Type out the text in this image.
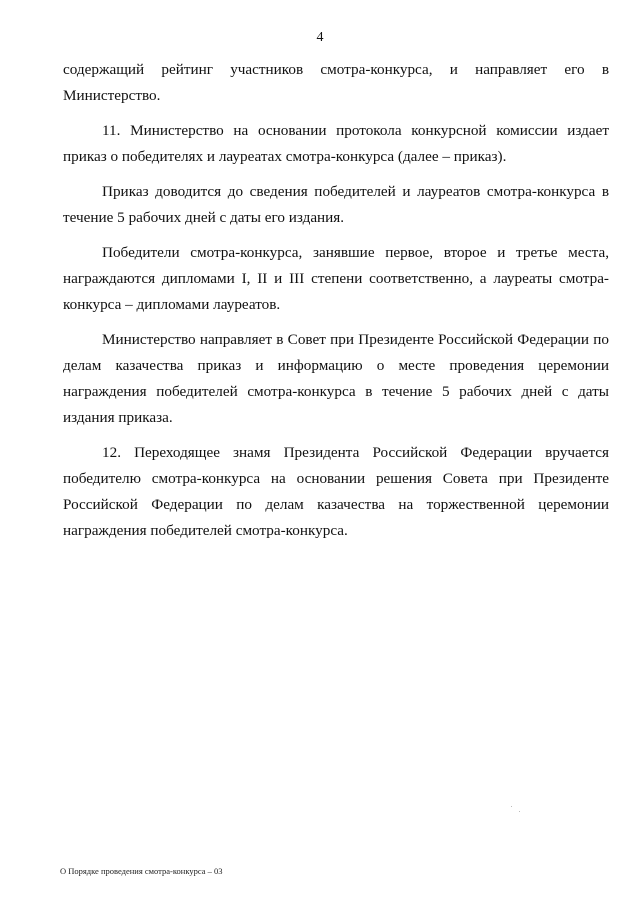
4

содержащий рейтинг участников смотра-конкурса, и направляет его в Министерство.

11. Министерство на основании протокола конкурсной комиссии издает приказ о победителях и лауреатах смотра-конкурса (далее – приказ).

Приказ доводится до сведения победителей и лауреатов смотра-конкурса в течение 5 рабочих дней с даты его издания.

Победители смотра-конкурса, занявшие первое, второе и третье места, награждаются дипломами I, II и III степени соответственно, а лауреаты смотра-конкурса – дипломами лауреатов.

Министерство направляет в Совет при Президенте Российской Федерации по делам казачества приказ и информацию о месте проведения церемонии награждения победителей смотра-конкурса в течение 5 рабочих дней с даты издания приказа.

12. Переходящее знамя Президента Российской Федерации вручается победителю смотра-конкурса на основании решения Совета при Президенте Российской Федерации по делам казачества на торжественной церемонии награждения победителей смотра-конкурса.

О Порядке проведения смотра-конкурса – 03
